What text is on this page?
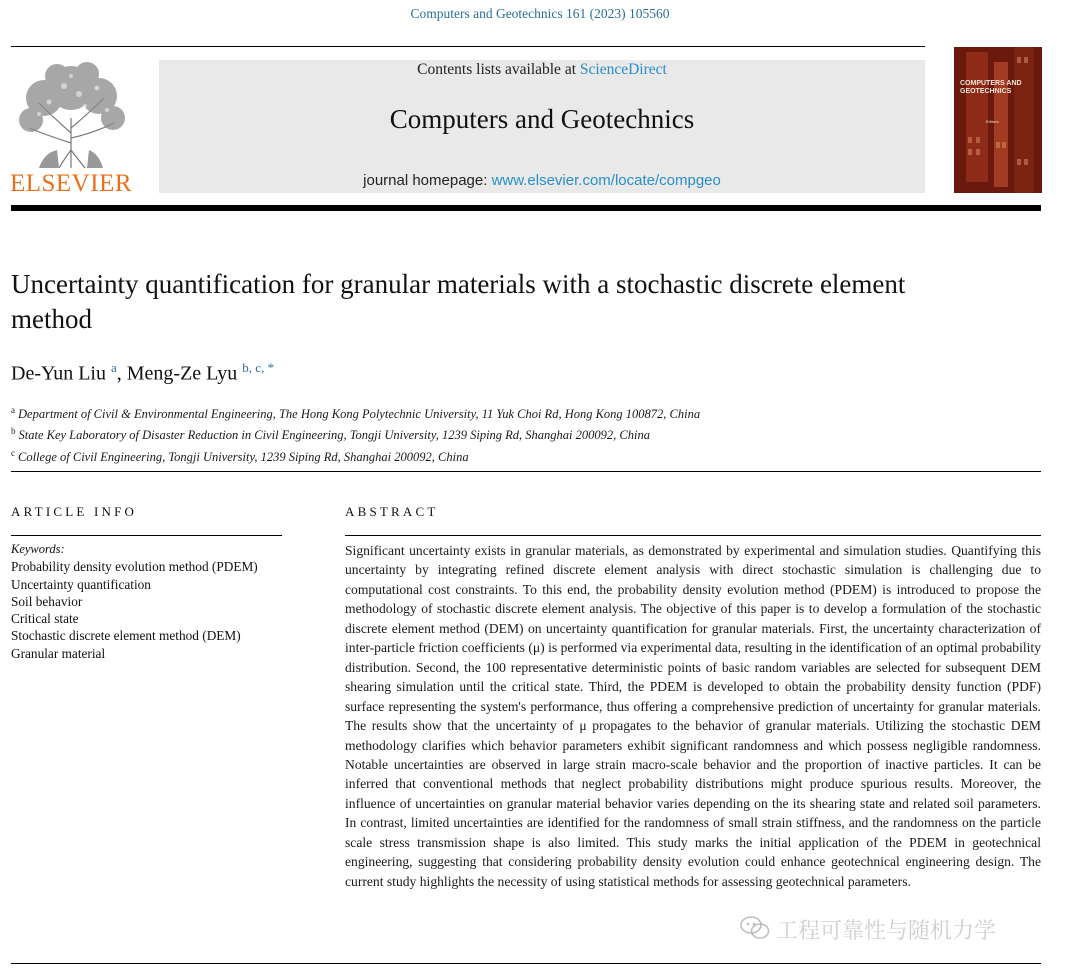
Computers and Geotechnics 161 (2023) 105560
ELSEVIER
Contents lists available at ScienceDirect
Computers and Geotechnics
journal homepage: www.elsevier.com/locate/compgeo
COMPUTERS AND GEOTECHNICS
Editors
Uncertainty quantification for granular materials with a stochastic discrete element method
De-Yun Liu $^a$, Meng-Ze Lyu $^{b, c, *}$
$^a$ Department of Civil & Environmental Engineering, The Hong Kong Polytechnic University, 11 Yuk Choi Rd, Hong Kong 100872, China
$^b$ State Key Laboratory of Disaster Reduction in Civil Engineering, Tongji University, 1239 Siping Rd, Shanghai 200092, China
$^c$ College of Civil Engineering, Tongji University, 1239 Siping Rd, Shanghai 200092, China
ARTICLE INFO	ABSTRACT
Keywords:
Probability density evolution method (PDEM)
Uncertainty quantification
Soil behavior
Critical state
Stochastic discrete element method (DEM)
Granular material
Significant uncertainty exists in granular materials, as demonstrated by experimental and simulation studies. Quantifying this uncertainty by integrating refined discrete element analysis with direct stochastic simulation is challenging due to computational cost constraints. To this end, the probability density evolution method (PDEM) is introduced to propose the methodology of stochastic discrete element analysis. The objective of this paper is to develop a formulation of the stochastic discrete element method (DEM) on uncertainty quantification for granular materials. First, the uncertainty characterization of inter-particle friction coefficients (μ) is performed via experimental data, resulting in the identification of an optimal probability distribution. Second, the 100 representative deterministic points of basic random variables are selected for subsequent DEM shearing simulation until the critical state. Third, the PDEM is developed to obtain the probability density function (PDF) surface representing the system's performance, thus offering a comprehensive prediction of uncertainty for granular materials. The results show that the uncertainty of μ propagates to the behavior of granular materials. Utilizing the stochastic DEM methodology clarifies which behavior parameters exhibit significant randomness and which possess negligible randomness. Notable uncertainties are observed in large strain macro-scale behavior and the proportion of inactive particles. It can be inferred that conventional methods that neglect probability distributions might produce spurious results. Moreover, the influence of uncertainties on granular material behavior varies depending on the its shearing state and related soil parameters. In contrast, limited uncertainties are identified for the randomness of small strain stiffness, and the randomness on the particle scale stress transmission shape is also limited. This study marks the initial application of the PDEM in geotechnical engineering, suggesting that considering probability density evolution could enhance geotechnical engineering design. The current study highlights the necessity of using statistical methods for assessing geotechnical parameters.
工程可靠性与随机力学
